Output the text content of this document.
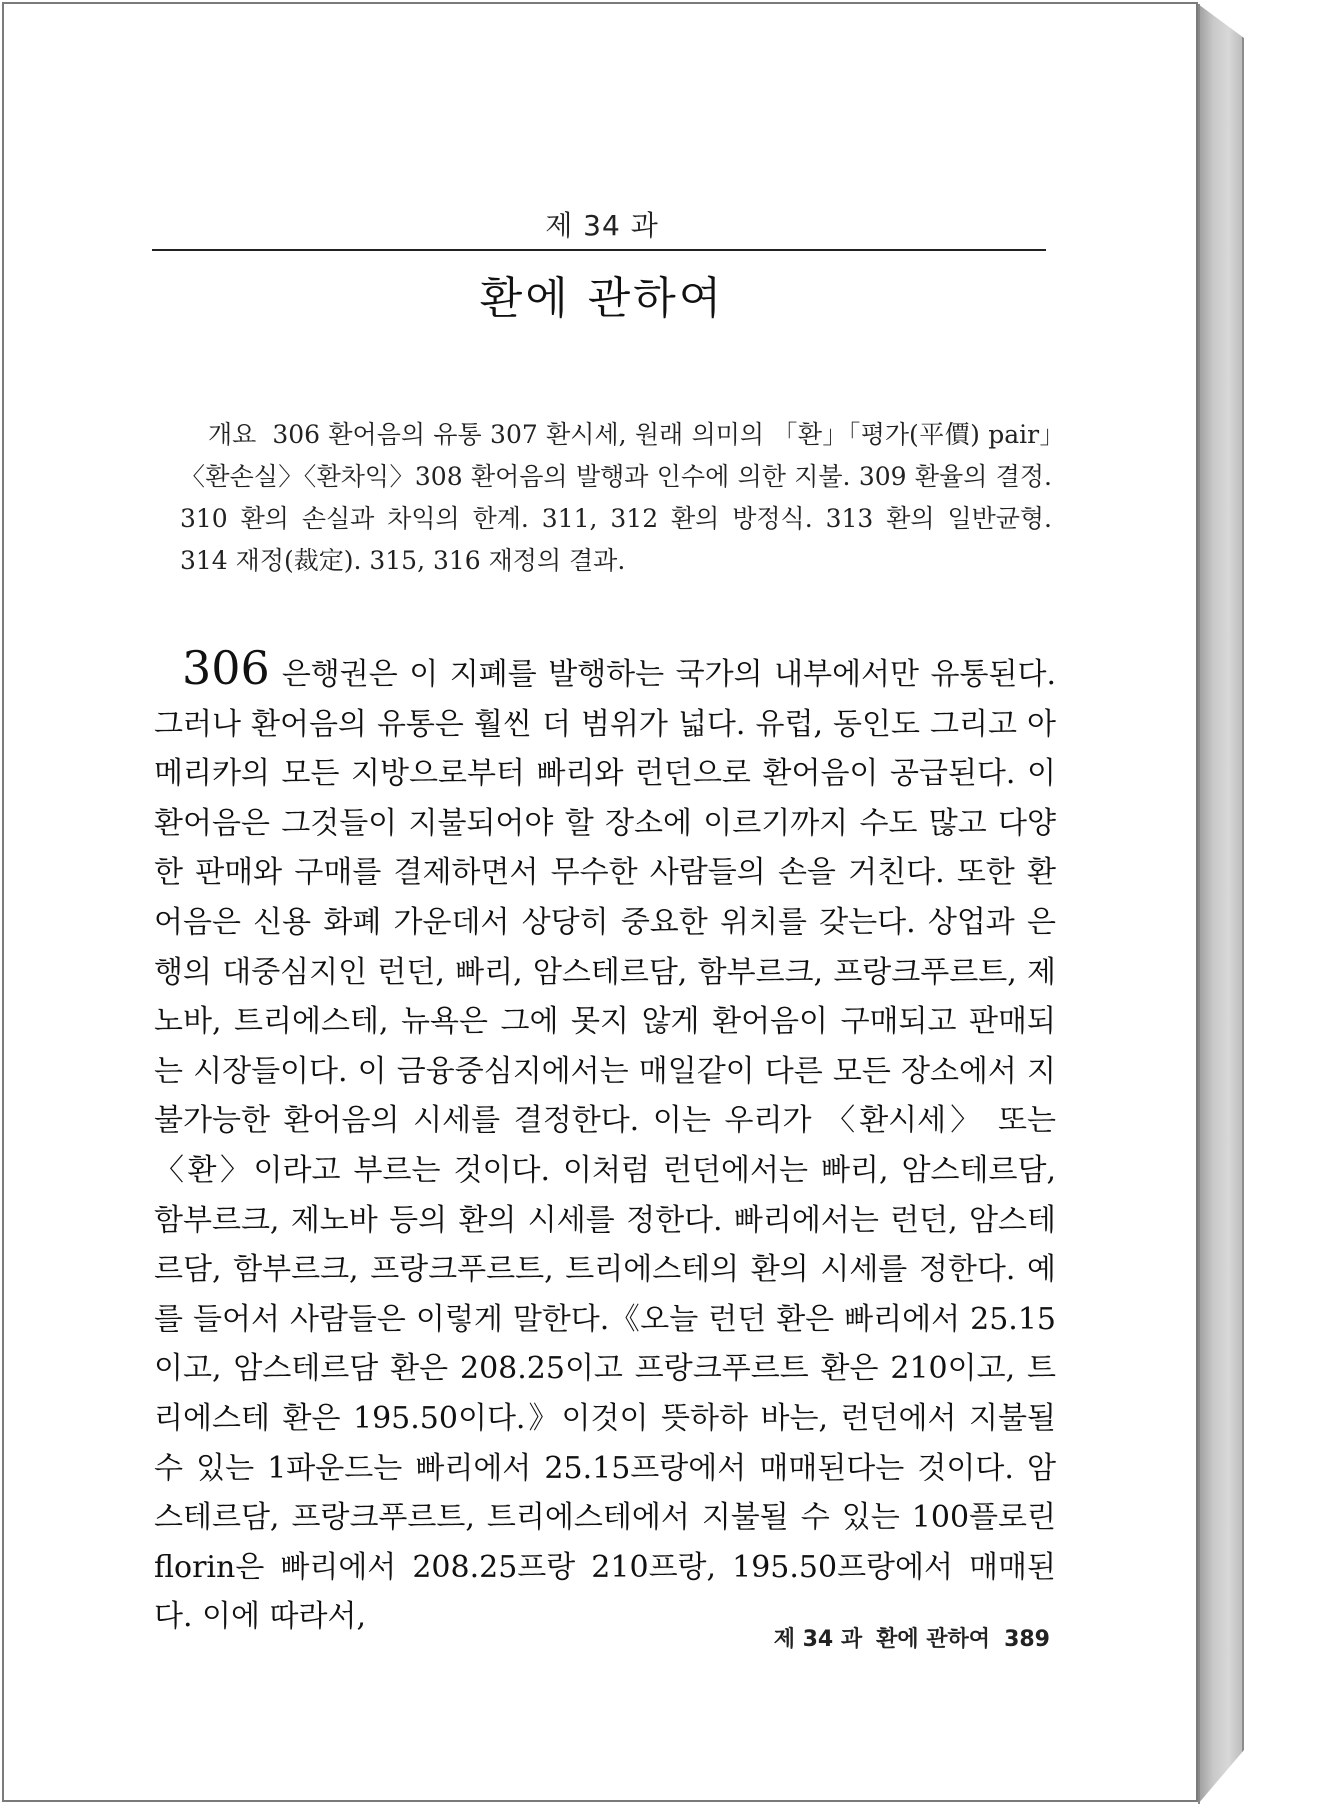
제 34 과
환에 관하여
개요 306 환어음의 유통 307 환시세, 원래 의미의 「환」「평가(平價) pair」〈환손실〉〈환차익〉308 환어음의 발행과 인수에 의한 지불. 309 환율의 결정. 310 환의 손실과 차익의 한계. 311, 312 환의 방정식. 313 환의 일반균형. 314 재정(裁定). 315, 316 재정의 결과.
306 은행권은 이 지폐를 발행하는 국가의 내부에서만 유통된다. 그러나 환어음의 유통은 훨씬 더 범위가 넓다. 유럽, 동인도 그리고 아메리카의 모든 지방으로부터 빠리와 런던으로 환어음이 공급된다. 이 환어음은 그것들이 지불되어야 할 장소에 이르기까지 수도 많고 다양한 판매와 구매를 결제하면서 무수한 사람들의 손을 거친다. 또한 환어음은 신용 화폐 가운데서 상당히 중요한 위치를 갖는다. 상업과 은행의 대중심지인 런던, 빠리, 암스테르담, 함부르크, 프랑크푸르트, 제노바, 트리에스테, 뉴욕은 그에 못지 않게 환어음이 구매되고 판매되는 시장들이다. 이 금융중심지에서는 매일같이 다른 모든 장소에서 지불가능한 환어음의 시세를 결정한다. 이는 우리가 〈환시세〉 또는 〈환〉이라고 부르는 것이다. 이처럼 런던에서는 빠리, 암스테르담, 함부르크, 제노바 등의 환의 시세를 정한다. 빠리에서는 런던, 암스테르담, 함부르크, 프랑크푸르트, 트리에스테의 환의 시세를 정한다. 예를 들어서 사람들은 이렇게 말한다.《오늘 런던 환은 빠리에서 25.15이고, 암스테르담 환은 208.25이고 프랑크푸르트 환은 210이고, 트리에스테 환은 195.50이다.》이것이 뜻하하 바는, 런던에서 지불될 수 있는 1파운드는 빠리에서 25.15프랑에서 매매된다는 것이다. 암스테르담, 프랑크푸르트, 트리에스테에서 지불될 수 있는 100플로린 florin은 빠리에서 208.25프랑 210프랑, 195.50프랑에서 매매된다. 이에 따라서,
제 34 과 환에 관하여 389
